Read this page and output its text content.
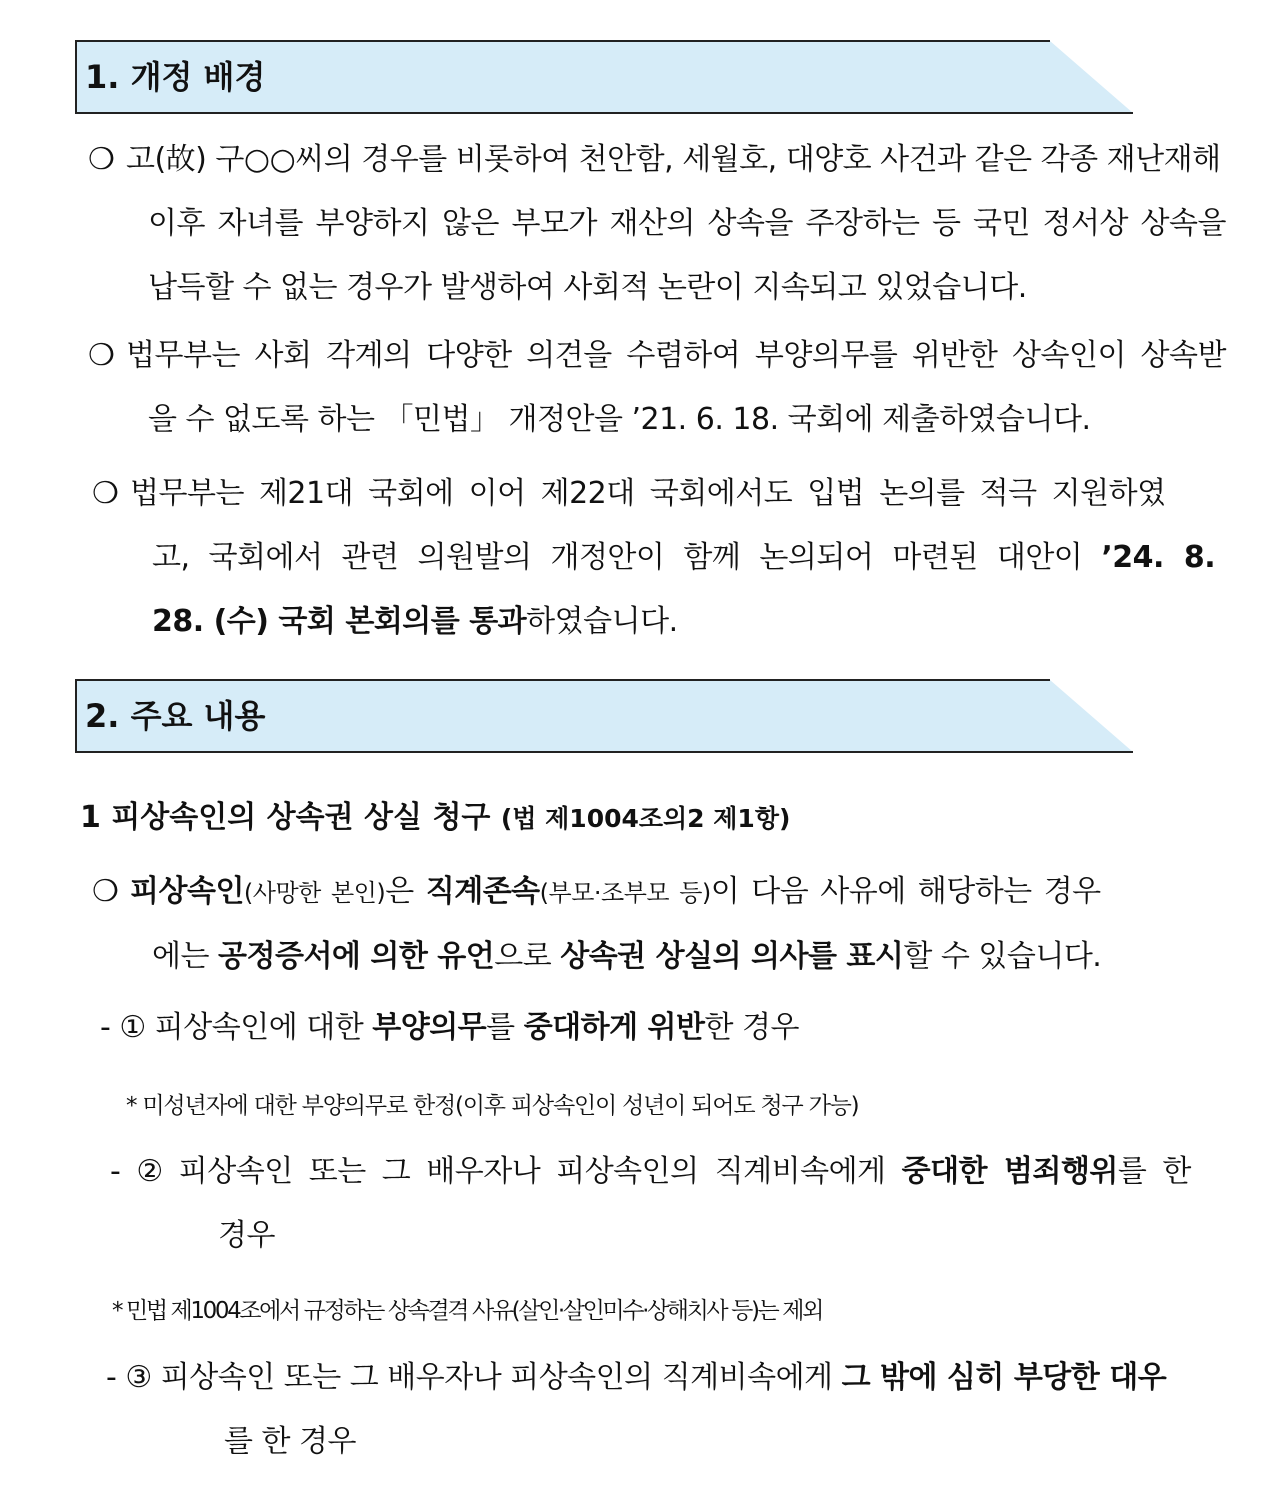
1. 개정 배경
❍ 고(故) 구○○씨의 경우를 비롯하여 천안함, 세월호, 대양호 사건과 같은 각종 재난재해
이후 자녀를 부양하지 않은 부모가 재산의 상속을 주장하는 등 국민 정서상 상속을
납득할 수 없는 경우가 발생하여 사회적 논란이 지속되고 있었습니다.
❍ 법무부는 사회 각계의 다양한 의견을 수렴하여 부양의무를 위반한 상속인이 상속받
을 수 없도록 하는 「민법」 개정안을 ’21. 6. 18. 국회에 제출하였습니다.
❍ 법무부는 제21대 국회에 이어 제22대 국회에서도 입법 논의를 적극 지원하였
고, 국회에서 관련 의원발의 개정안이 함께 논의되어 마련된 대안이 ’24. 8.
28. (수) 국회 본회의를 통과하였습니다.
2. 주요 내용
1 피상속인의 상속권 상실 청구 (법 제1004조의2 제1항)
❍ 피상속인(사망한 본인)은 직계존속(부모·조부모 등)이 다음 사유에 해당하는 경우
에는 공정증서에 의한 유언으로 상속권 상실의 의사를 표시할 수 있습니다.
- ① 피상속인에 대한 부양의무를 중대하게 위반한 경우
* 미성년자에 대한 부양의무로 한정(이후 피상속인이 성년이 되어도 청구 가능)
- ② 피상속인 또는 그 배우자나 피상속인의 직계비속에게 중대한 범죄행위를 한
경우
* 민법 제1004조에서 규정하는 상속결격 사유(살인·살인미수·상해치사 등)는 제외
- ③ 피상속인 또는 그 배우자나 피상속인의 직계비속에게 그 밖에 심히 부당한 대우
를 한 경우
